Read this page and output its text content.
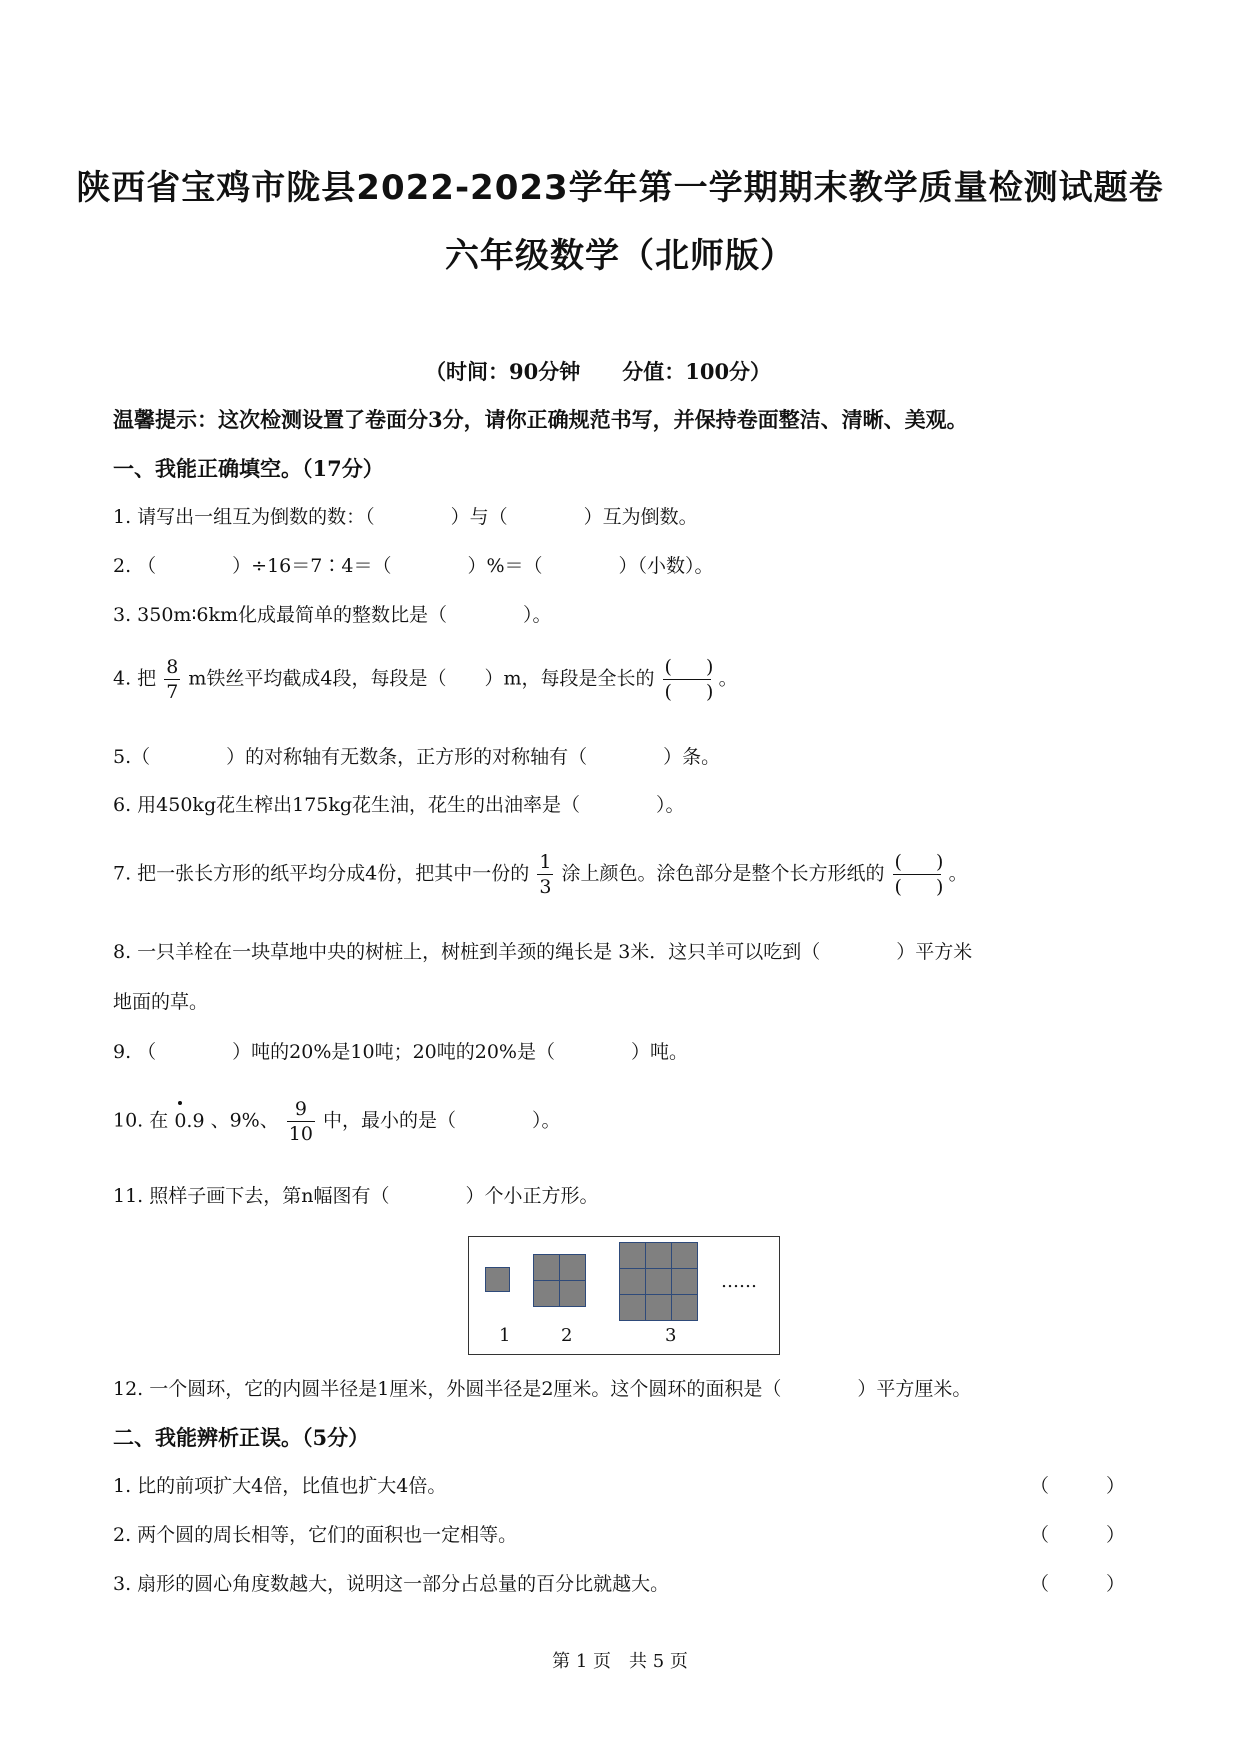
陕西省宝鸡市陇县2022-2023学年第一学期期末教学质量检测试题卷
六年级数学（北师版）
（时间：90分钟　　分值：100分）
温馨提示：这次检测设置了卷面分3分，请你正确规范书写，并保持卷面整洁、清晰、美观。
一、我能正确填空。（17分）
1. 请写出一组互为倒数的数：（　　　　）与（　　　　）互为倒数。
2. （　　　　）÷16＝7∶4＝（　　　　）%＝（　　　　）（小数）。
3. 350m∶6km化成最简单的整数比是（　　　　）。
4. 把 $\frac{8}{7}$ m铁丝平均截成4段，每段是（　　）m，每段是全长的 $\frac{( )}{( )}$ 。
5.（　　　　）的对称轴有无数条，正方形的对称轴有（　　　　）条。
6. 用450kg花生榨出175kg花生油，花生的出油率是（　　　　）。
7. 把一张长方形的纸平均分成4份，把其中一份的 $\frac{1}{3}$ 涂上颜色。涂色部分是整个长方形纸的 $\frac{( )}{( )}$ 。
8. 一只羊栓在一块草地中央的树桩上，树桩到羊颈的绳长是 3米．这只羊可以吃到（　　　　）平方米
地面的草。
9. （　　　　）吨的20%是10吨；20吨的20%是（　　　　）吨。
10. 在 0.9 、9%、 $\frac{9}{10}$ 中，最小的是（　　　　）。
11. 照样子画下去，第n幅图有（　　　　）个小正方形。
……
1	2	3
12. 一个圆环，它的内圆半径是1厘米，外圆半径是2厘米。这个圆环的面积是（　　　　）平方厘米。
二、我能辨析正误。（5分）
1. 比的前项扩大4倍，比值也扩大4倍。	（　　　）
2. 两个圆的周长相等，它们的面积也一定相等。	（　　　）
3. 扇形的圆心角度数越大，说明这一部分占总量的百分比就越大。	（　　　）
第 1 页　共 5 页
